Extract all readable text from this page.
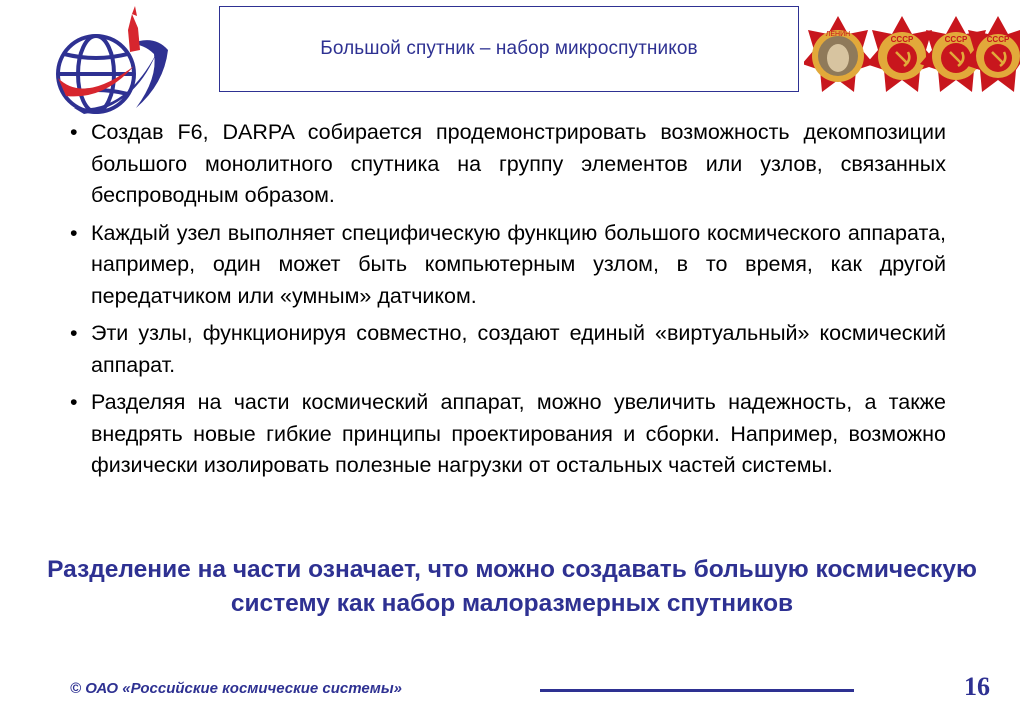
Большой спутник – набор микроспутников
ЛЕНИН
СССР	СССР СССР
• Создав F6, DARPA собирается продемонстрировать возможность декомпозиции большого монолитного спутника на группу элементов или узлов, связанных беспроводным образом.
• Каждый узел выполняет специфическую функцию большого космического аппарата, например, один может быть компьютерным узлом, в то время, как другой передатчиком или «умным» датчиком.
• Эти узлы, функционируя совместно, создают единый «виртуальный» космический аппарат.
• Разделяя на части космический аппарат, можно увеличить надежность, а также внедрять новые гибкие принципы проектирования и сборки. Например, возможно физически изолировать полезные нагрузки от остальных частей системы.
Разделение на части означает, что можно создавать большую космическую систему как набор малоразмерных спутников
© ОАО «Российские космические системы»	16
